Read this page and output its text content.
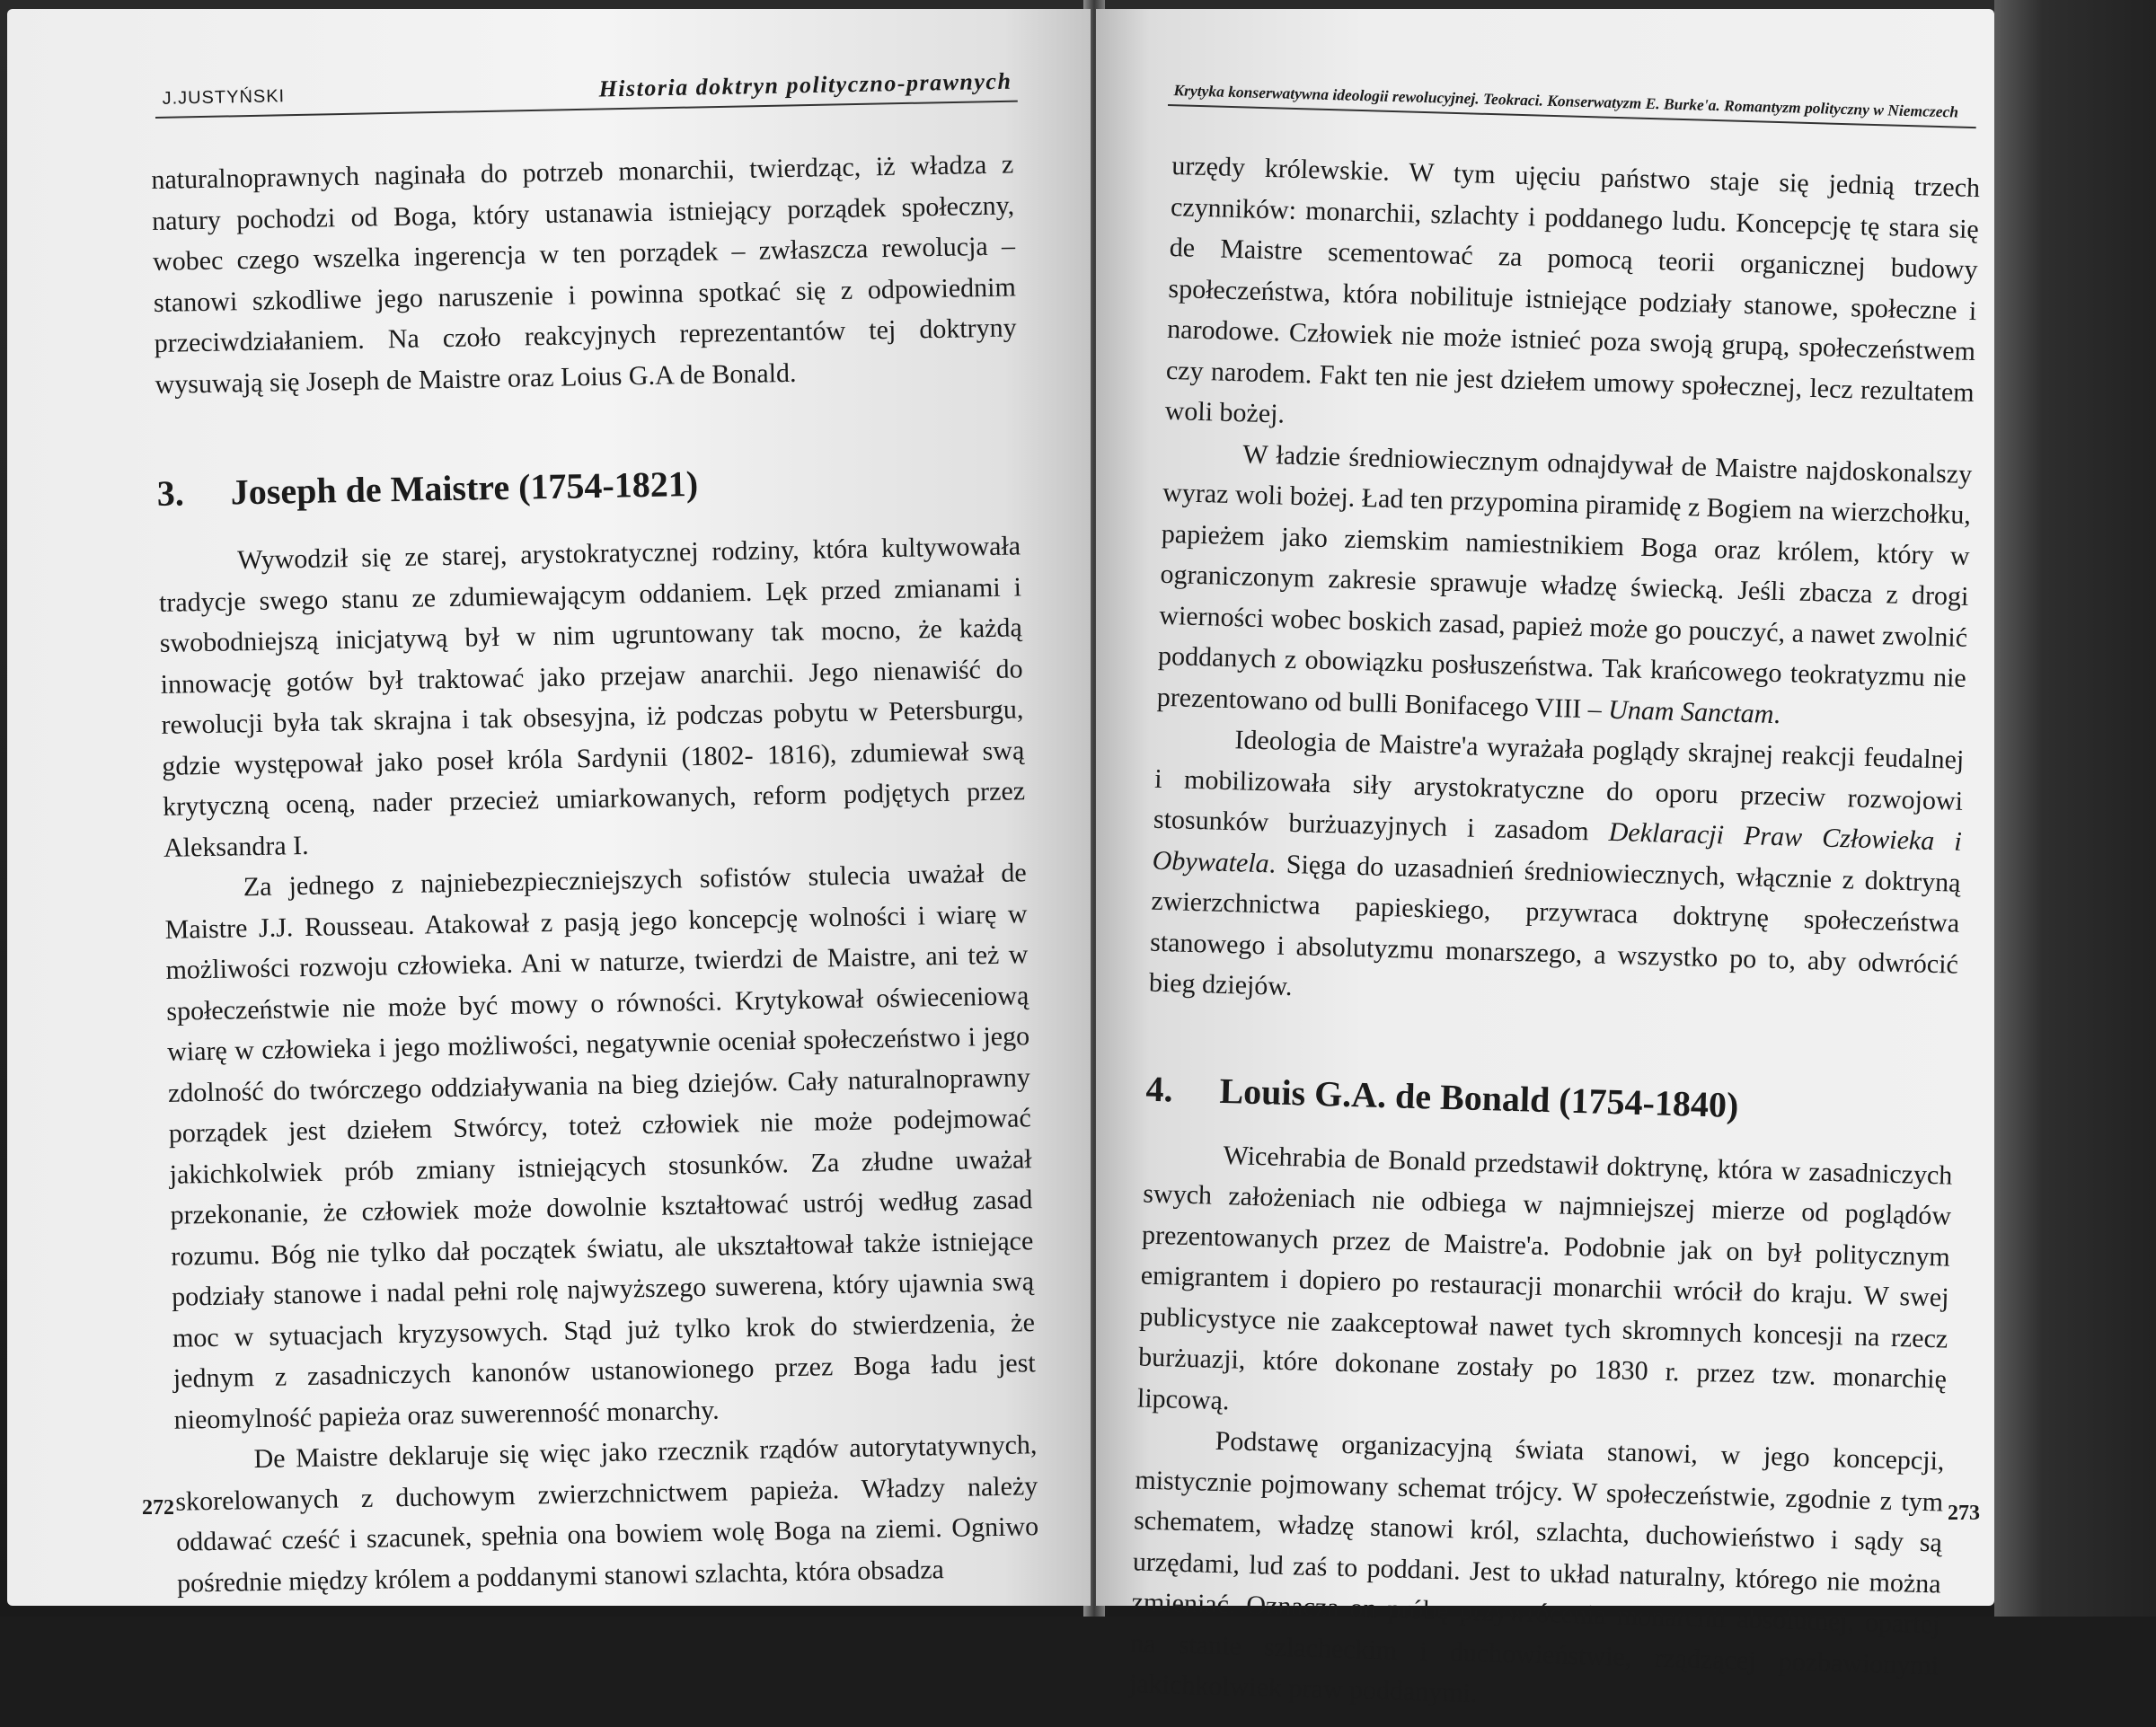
J.JUSTYŃSKI	Historia doktryn polityczno-prawnych

naturalnoprawnych naginała do potrzeb monarchii, twierdząc, iż władza z natury pochodzi od Boga, który ustanawia istniejący porządek społeczny, wobec czego wszelka ingerencja w ten porządek – zwłaszcza rewolucja – stanowi szkodliwe jego naruszenie i powinna spotkać się z odpowiednim przeciwdziałaniem. Na czoło reakcyjnych reprezentantów tej doktryny wysuwają się Joseph de Maistre oraz Loius G.A de Bonald.

3. Joseph de Maistre (1754-1821)

Wywodził się ze starej, arystokratycznej rodziny, która kultywowała tradycje swego stanu ze zdumiewającym oddaniem. Lęk przed zmianami i swobodniejszą inicjatywą był w nim ugruntowany tak mocno, że każdą innowację gotów był traktować jako przejaw anarchii. Jego nienawiść do rewolucji była tak skrajna i tak obsesyjna, iż podczas pobytu w Petersburgu, gdzie występował jako poseł króla Sardynii (1802- 1816), zdumiewał swą krytyczną oceną, nader przecież umiarkowanych, reform podjętych przez Aleksandra I.

Za jednego z najniebezpieczniejszych sofistów stulecia uważał de Maistre J.J. Rousseau. Atakował z pasją jego koncepcję wolności i wiarę w możliwości rozwoju człowieka. Ani w naturze, twierdzi de Maistre, ani też w społeczeństwie nie może być mowy o równości. Krytykował oświeceniową wiarę w człowieka i jego możliwości, negatywnie oceniał społeczeństwo i jego zdolność do twórczego oddziaływania na bieg dziejów. Cały naturalnoprawny porządek jest dziełem Stwórcy, toteż człowiek nie może podejmować jakichkolwiek prób zmiany istniejących stosunków. Za złudne uważał przekonanie, że człowiek może dowolnie kształtować ustrój według zasad rozumu. Bóg nie tylko dał początek światu, ale ukształtował także istniejące podziały stanowe i nadal pełni rolę najwyższego suwerena, który ujawnia swą moc w sytuacjach kryzysowych. Stąd już tylko krok do stwierdzenia, że jednym z zasadniczych kanonów ustanowionego przez Boga ładu jest nieomylność papieża oraz suwerenność monarchy.

De Maistre deklaruje się więc jako rzecznik rządów autorytatywnych, skorelowanych z duchowym zwierzchnictwem papieża. Władzy należy oddawać cześć i szacunek, spełnia ona bowiem wolę Boga na ziemi. Ogniwo pośrednie między królem a poddanymi stanowi szlachta, która obsadza

272
Krytyka konserwatywna ideologii rewolucyjnej. Teokraci. Konserwatyzm E. Burke'a. Romantyzm polityczny w Niemczech

urzędy królewskie. W tym ujęciu państwo staje się jednią trzech czynników: monarchii, szlachty i poddanego ludu. Koncepcję tę stara się de Maistre scementować za pomocą teorii organicznej budowy społeczeństwa, która nobilituje istniejące podziały stanowe, społeczne i narodowe. Człowiek nie może istnieć poza swoją grupą, społeczeństwem czy narodem. Fakt ten nie jest dziełem umowy społecznej, lecz rezultatem woli bożej.

W ładzie średniowiecznym odnajdywał de Maistre najdoskonalszy wyraz woli bożej. Ład ten przypomina piramidę z Bogiem na wierzchołku, papieżem jako ziemskim namiestnikiem Boga oraz królem, który w ograniczonym zakresie sprawuje władzę świecką. Jeśli zbacza z drogi wierności wobec boskich zasad, papież może go pouczyć, a nawet zwolnić poddanych z obowiązku posłuszeństwa. Tak krańcowego teokratyzmu nie prezentowano od bulli Bonifacego VIII – Unam Sanctam.

Ideologia de Maistre'a wyrażała poglądy skrajnej reakcji feudalnej i mobilizowała siły arystokratyczne do oporu przeciw rozwojowi stosunków burżuazyjnych i zasadom Deklaracji Praw Człowieka i Obywatela. Sięga do uzasadnień średniowiecznych, włącznie z doktryną zwierzchnictwa papieskiego, przywraca doktrynę społeczeństwa stanowego i absolutyzmu monarszego, a wszystko po to, aby odwrócić bieg dziejów.

4. Louis G.A. de Bonald (1754-1840)

Wicehrabia de Bonald przedstawił doktrynę, która w zasadniczych swych założeniach nie odbiega w najmniejszej mierze od poglądów prezentowanych przez de Maistre'a. Podobnie jak on był politycznym emigrantem i dopiero po restauracji monarchii wrócił do kraju. W swej publicystyce nie zaakceptował nawet tych skromnych koncesji na rzecz burżuazji, które dokonane zostały po 1830 r. przez tzw. monarchię lipcową.

Podstawę organizacyjną świata stanowi, w jego koncepcji, mistycznie pojmowany schemat trójcy. W społeczeństwie, zgodnie z tym schematem, władzę stanowi król, szlachta, duchowieństwo i sądy są urzędami, lud zaś to poddani. Jest to układ naturalny, którego nie można zmieniać. Oznacza on próbę przywrócenia monarchii absolutnej, opartej na stanie szlacheckim i duchowieństwie, rządzącej pozbawionymi jakichkolwiek praw poddanymi.

273
